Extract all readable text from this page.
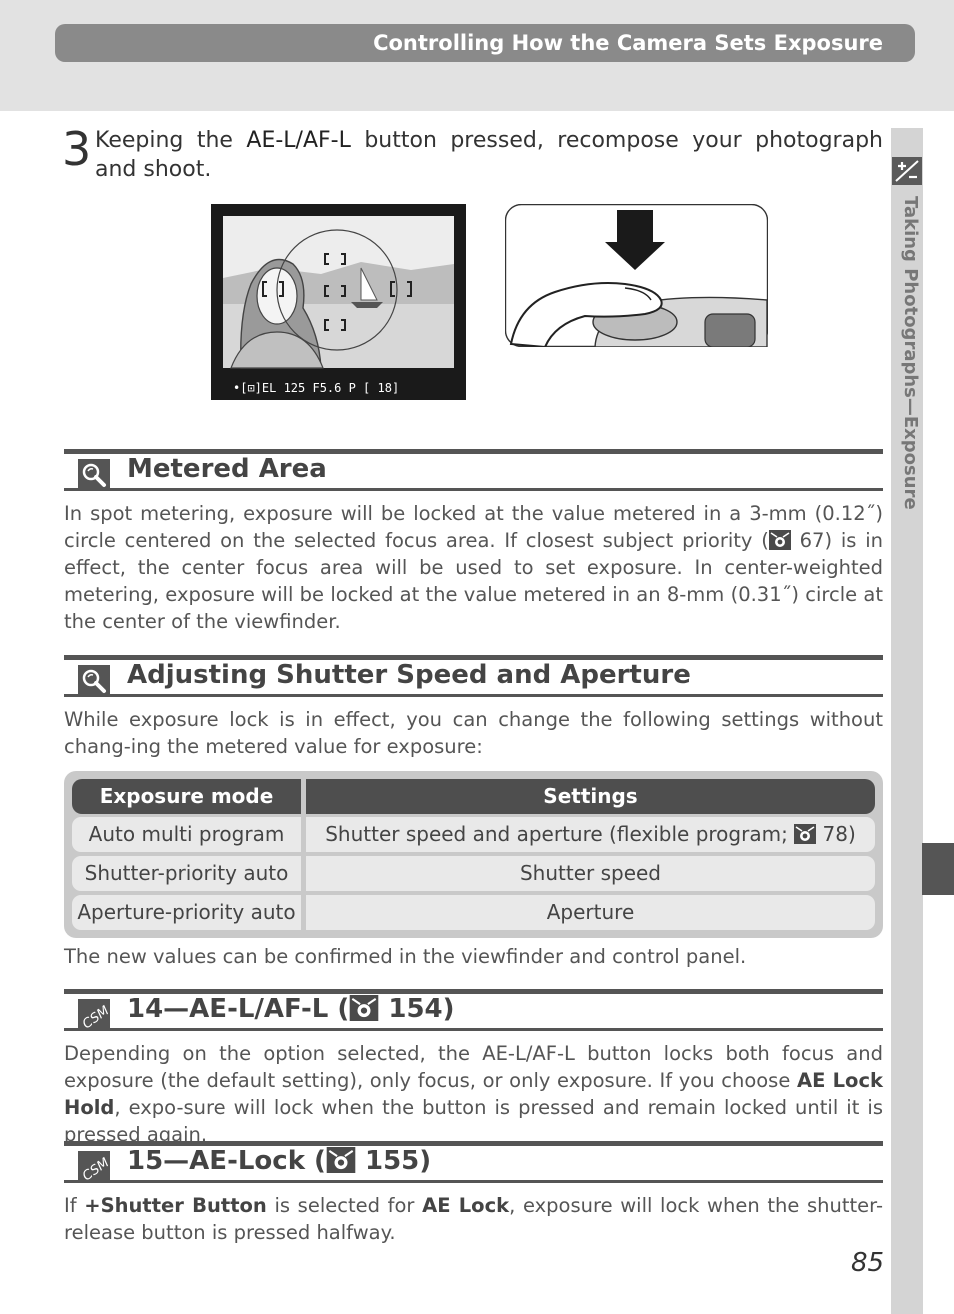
Controlling How the Camera Sets Exposure
Taking Photographs—Exposure
3 Keeping the AE-L/AF-L button pressed, recompose your photograph and shoot.
•[⊡]EL 125 F5.6 P [ 18]
Metered Area
In spot metering, exposure will be locked at the value metered in a 3-mm (0.12˝) circle centered on the selected focus area. If closest subject priority ( 67) is in effect, the center focus area will be used to set exposure. In center-weighted metering, exposure will be locked at the value metered in an 8-mm (0.31˝) circle at the center of the viewfinder.
Adjusting Shutter Speed and Aperture
While exposure lock is in effect, you can change the following settings without chang-ing the metered value for exposure:
Exposure mode	Settings
Auto multi program	Shutter speed and aperture (flexible program;  78)
Shutter-priority auto	Shutter speed
Aperture-priority auto	Aperture
The new values can be confirmed in the viewfinder and control panel.
14—AE-L/AF-L ( 154)
Depending on the option selected, the AE-L/AF-L button locks both focus and exposure (the default setting), only focus, or only exposure. If you choose AE Lock Hold, expo-sure will lock when the button is pressed and remain locked until it is pressed again.
15—AE-Lock ( 155)
If +Shutter Button is selected for AE Lock, exposure will lock when the shutter-release button is pressed halfway.
85
